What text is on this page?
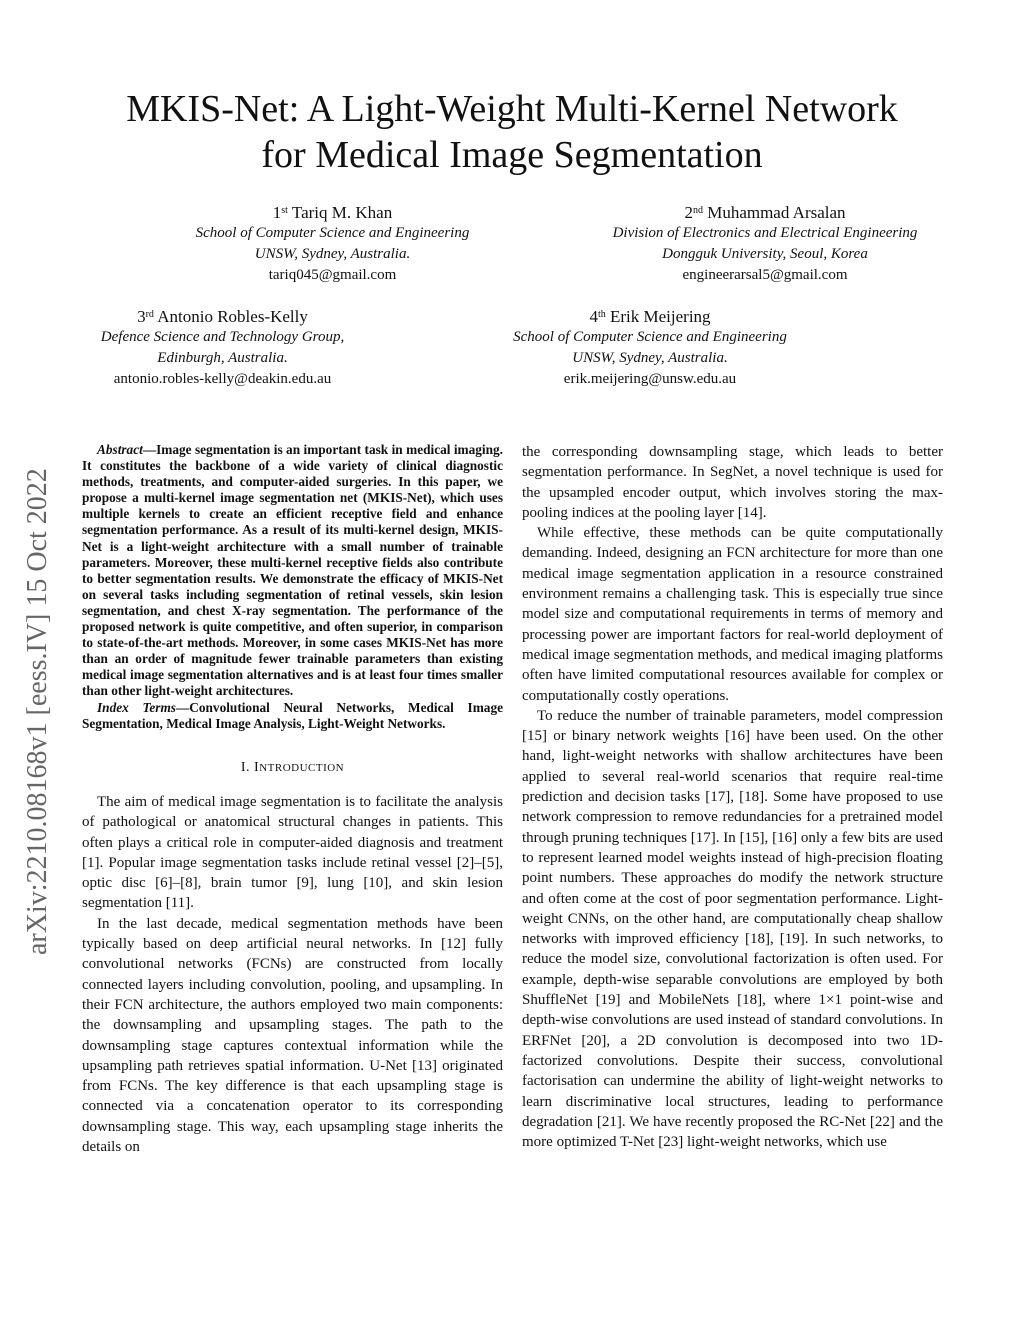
arXiv:2210.08168v1 [eess.IV] 15 Oct 2022
MKIS-Net: A Light-Weight Multi-Kernel Network
for Medical Image Segmentation
1st Tariq M. Khan
School of Computer Science and Engineering
UNSW, Sydney, Australia.
tariq045@gmail.com
2nd Muhammad Arsalan
Division of Electronics and Electrical Engineering
Dongguk University, Seoul, Korea
engineerarsal5@gmail.com
3rd Antonio Robles-Kelly
Defence Science and Technology Group,
Edinburgh, Australia.
antonio.robles-kelly@deakin.edu.au
4th Erik Meijering
School of Computer Science and Engineering
UNSW, Sydney, Australia.
erik.meijering@unsw.edu.au

Abstract—Image segmentation is an important task in medical imaging. It constitutes the backbone of a wide variety of clinical diagnostic methods, treatments, and computer-aided surgeries. In this paper, we propose a multi-kernel image segmentation net (MKIS-Net), which uses multiple kernels to create an efficient receptive field and enhance segmentation performance. As a result of its multi-kernel design, MKIS-Net is a light-weight architecture with a small number of trainable parameters. Moreover, these multi-kernel receptive fields also contribute to better segmentation results. We demonstrate the efficacy of MKIS-Net on several tasks including segmentation of retinal vessels, skin lesion segmentation, and chest X-ray segmentation. The performance of the proposed network is quite competitive, and often superior, in comparison to state-of-the-art methods. Moreover, in some cases MKIS-Net has more than an order of magnitude fewer trainable parameters than existing medical image segmentation alternatives and is at least four times smaller than other light-weight architectures.

Index Terms—Convolutional Neural Networks, Medical Image Segmentation, Medical Image Analysis, Light-Weight Networks.

I. INTRODUCTION

The aim of medical image segmentation is to facilitate the analysis of pathological or anatomical structural changes in patients. This often plays a critical role in computer-aided diagnosis and treatment [1]. Popular image segmentation tasks include retinal vessel [2]–[5], optic disc [6]–[8], brain tumor [9], lung [10], and skin lesion segmentation [11].

In the last decade, medical segmentation methods have been typically based on deep artificial neural networks. In [12] fully convolutional networks (FCNs) are constructed from locally connected layers including convolution, pooling, and upsampling. In their FCN architecture, the authors employed two main components: the downsampling and upsampling stages. The path to the downsampling stage captures contextual information while the upsampling path retrieves spatial information. U-Net [13] originated from FCNs. The key difference is that each upsampling stage is connected via a concatenation operator to its corresponding downsampling stage. This way, each upsampling stage inherits the details on

the corresponding downsampling stage, which leads to better segmentation performance. In SegNet, a novel technique is used for the upsampled encoder output, which involves storing the max-pooling indices at the pooling layer [14].

While effective, these methods can be quite computationally demanding. Indeed, designing an FCN architecture for more than one medical image segmentation application in a resource constrained environment remains a challenging task. This is especially true since model size and computational requirements in terms of memory and processing power are important factors for real-world deployment of medical image segmentation methods, and medical imaging platforms often have limited computational resources available for complex or computationally costly operations.

To reduce the number of trainable parameters, model compression [15] or binary network weights [16] have been used. On the other hand, light-weight networks with shallow architectures have been applied to several real-world scenarios that require real-time prediction and decision tasks [17], [18]. Some have proposed to use network compression to remove redundancies for a pretrained model through pruning techniques [17]. In [15], [16] only a few bits are used to represent learned model weights instead of high-precision floating point numbers. These approaches do modify the network structure and often come at the cost of poor segmentation performance. Light-weight CNNs, on the other hand, are computationally cheap shallow networks with improved efficiency [18], [19]. In such networks, to reduce the model size, convolutional factorization is often used. For example, depth-wise separable convolutions are employed by both ShuffleNet [19] and MobileNets [18], where 1×1 point-wise and depth-wise convolutions are used instead of standard convolutions. In ERFNet [20], a 2D convolution is decomposed into two 1D-factorized convolutions. Despite their success, convolutional factorisation can undermine the ability of light-weight networks to learn discriminative local structures, leading to performance degradation [21]. We have recently proposed the RC-Net [22] and the more optimized T-Net [23] light-weight networks, which use
